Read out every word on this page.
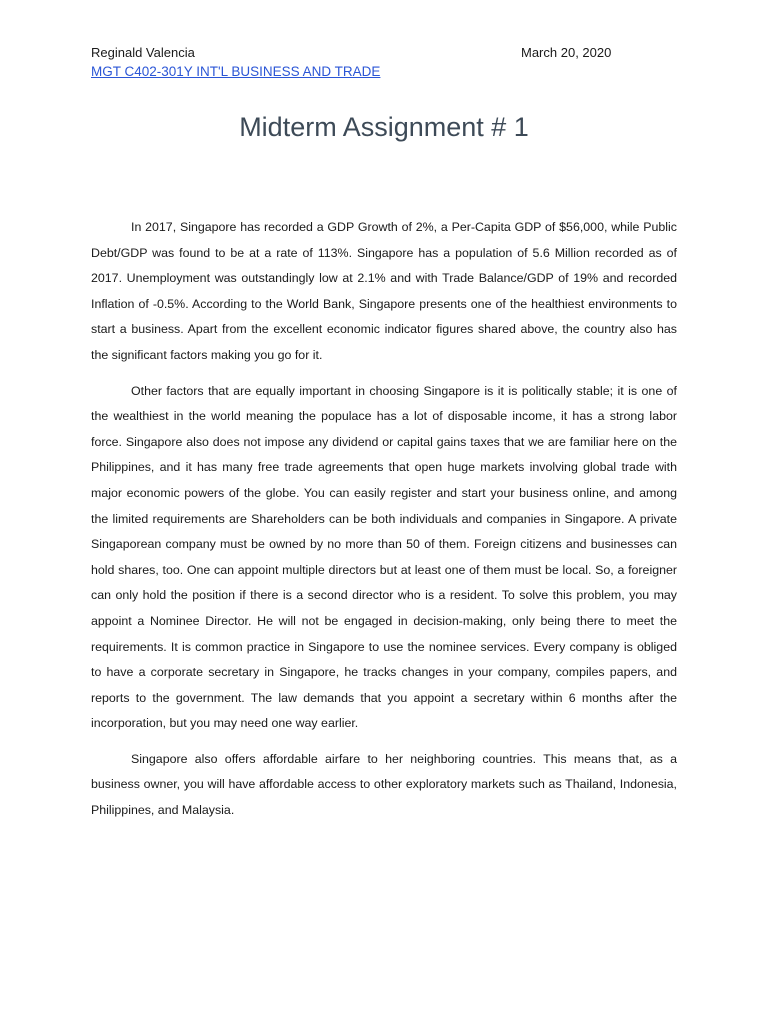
Reginald Valencia	March 20, 2020
MGT C402-301Y INT'L BUSINESS AND TRADE
Midterm Assignment # 1

In 2017, Singapore has recorded a GDP Growth of 2%, a Per-Capita GDP of $56,000, while Public Debt/GDP was found to be at a rate of 113%. Singapore has a population of 5.6 Million recorded as of 2017. Unemployment was outstandingly low at 2.1% and with Trade Balance/GDP of 19% and recorded Inflation of -0.5%. According to the World Bank, Singapore presents one of the healthiest environments to start a business. Apart from the excellent economic indicator figures shared above, the country also has the significant factors making you go for it.

Other factors that are equally important in choosing Singapore is it is politically stable; it is one of the wealthiest in the world meaning the populace has a lot of disposable income, it has a strong labor force. Singapore also does not impose any dividend or capital gains taxes that we are familiar here on the Philippines, and it has many free trade agreements that open huge markets involving global trade with major economic powers of the globe. You can easily register and start your business online, and among the limited requirements are Shareholders can be both individuals and companies in Singapore. A private Singaporean company must be owned by no more than 50 of them. Foreign citizens and businesses can hold shares, too. One can appoint multiple directors but at least one of them must be local. So, a foreigner can only hold the position if there is a second director who is a resident. To solve this problem, you may appoint a Nominee Director. He will not be engaged in decision-making, only being there to meet the requirements. It is common practice in Singapore to use the nominee services. Every company is obliged to have a corporate secretary in Singapore, he tracks changes in your company, compiles papers, and reports to the government. The law demands that you appoint a secretary within 6 months after the incorporation, but you may need one way earlier.

Singapore also offers affordable airfare to her neighboring countries. This means that, as a business owner, you will have affordable access to other exploratory markets such as Thailand, Indonesia, Philippines, and Malaysia.
